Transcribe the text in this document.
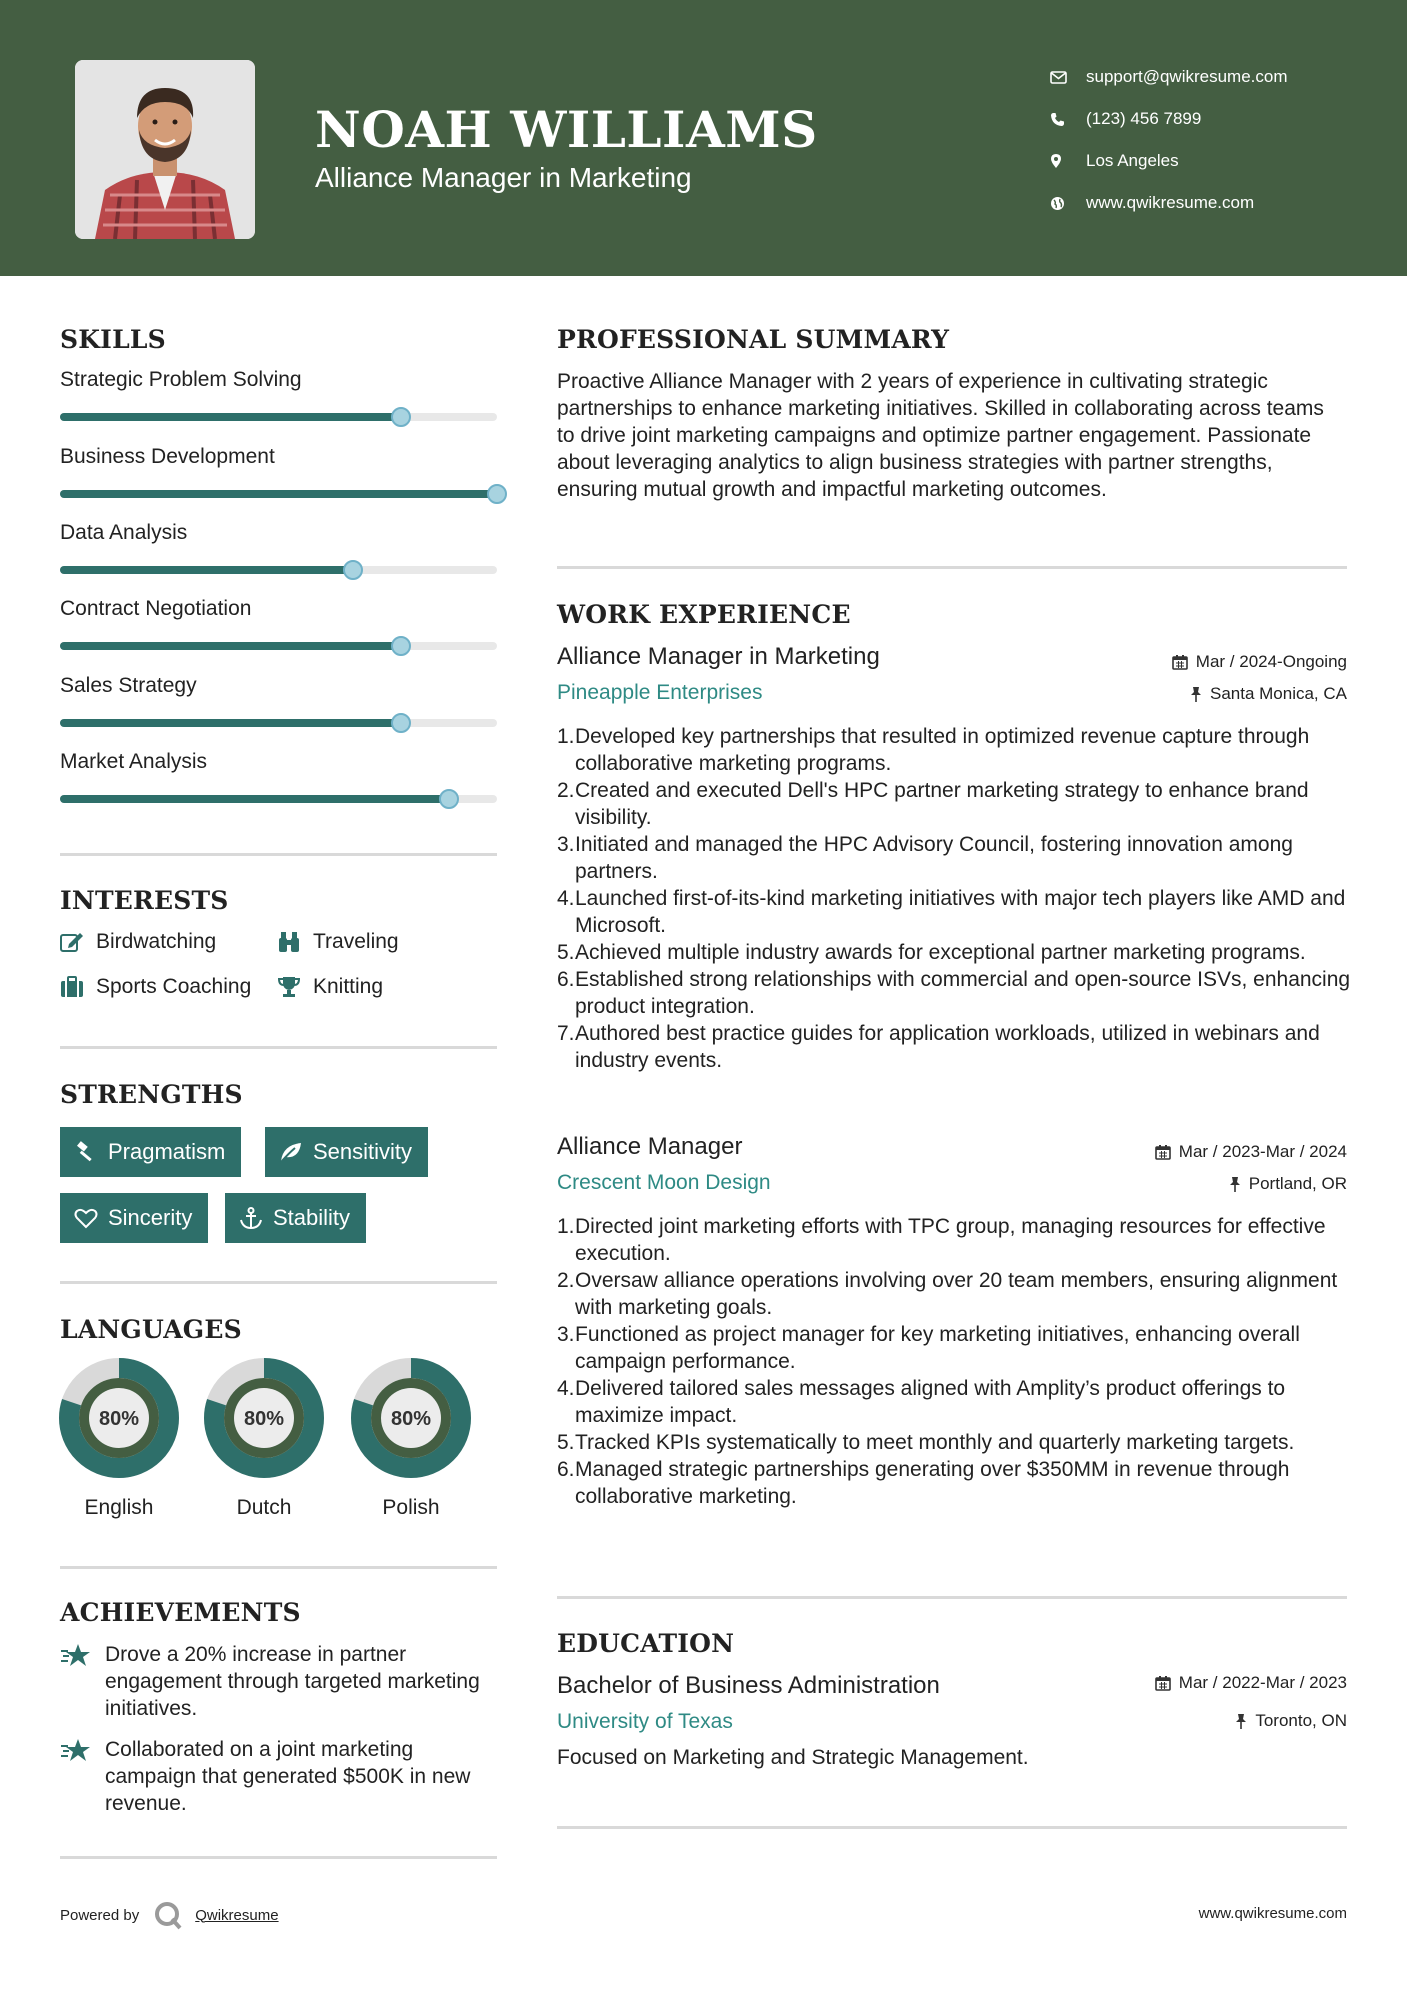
NOAH WILLIAMS
Alliance Manager in Marketing
support@qwikresume.com
(123) 456 7899
Los Angeles
www.qwikresume.com
SKILLS
Strategic Problem Solving
Business Development
Data Analysis
Contract Negotiation
Sales Strategy
Market Analysis
INTERESTS
Birdwatching	Traveling
Sports Coaching	Knitting
STRENGTHS
Pragmatism	Sensitivity
Sincerity	Stability
LANGUAGES
80%
English
80%
Dutch
80%
Polish
ACHIEVEMENTS
Drove a 20% increase in partner engagement through targeted marketing initiatives.
Collaborated on a joint marketing campaign that generated $500K in new revenue.
PROFESSIONAL SUMMARY
Proactive Alliance Manager with 2 years of experience in cultivating strategic partnerships to enhance marketing initiatives. Skilled in collaborating across teams to drive joint marketing campaigns and optimize partner engagement. Passionate about leveraging analytics to align business strategies with partner strengths, ensuring mutual growth and impactful marketing outcomes.
WORK EXPERIENCE
Alliance Manager in Marketing	Mar / 2024-Ongoing
Pineapple Enterprises	Santa Monica, CA
1.
Developed key partnerships that resulted in optimized revenue capture through collaborative marketing programs.
2.
Created and executed Dell's HPC partner marketing strategy to enhance brand visibility.
3.
Initiated and managed the HPC Advisory Council, fostering innovation among partners.
4.
Launched first-of-its-kind marketing initiatives with major tech players like AMD and Microsoft.
5.
Achieved multiple industry awards for exceptional partner marketing programs.
6.
Established strong relationships with commercial and open-source ISVs, enhancing product integration.
7.
Authored best practice guides for application workloads, utilized in webinars and industry events.
Alliance Manager	Mar / 2023-Mar / 2024
Crescent Moon Design	Portland, OR
1.
Directed joint marketing efforts with TPC group, managing resources for effective execution.
2.
Oversaw alliance operations involving over 20 team members, ensuring alignment with marketing goals.
3.
Functioned as project manager for key marketing initiatives, enhancing overall campaign performance.
4.
Delivered tailored sales messages aligned with Amplity’s product offerings to maximize impact.
5.
Tracked KPIs systematically to meet monthly and quarterly marketing targets.
6.
Managed strategic partnerships generating over $350MM in revenue through collaborative marketing.
EDUCATION
Bachelor of Business Administration	Mar / 2022-Mar / 2023
University of Texas	Toronto, ON
Focused on Marketing and Strategic Management.
Powered by	Qwikresume	www.qwikresume.com
